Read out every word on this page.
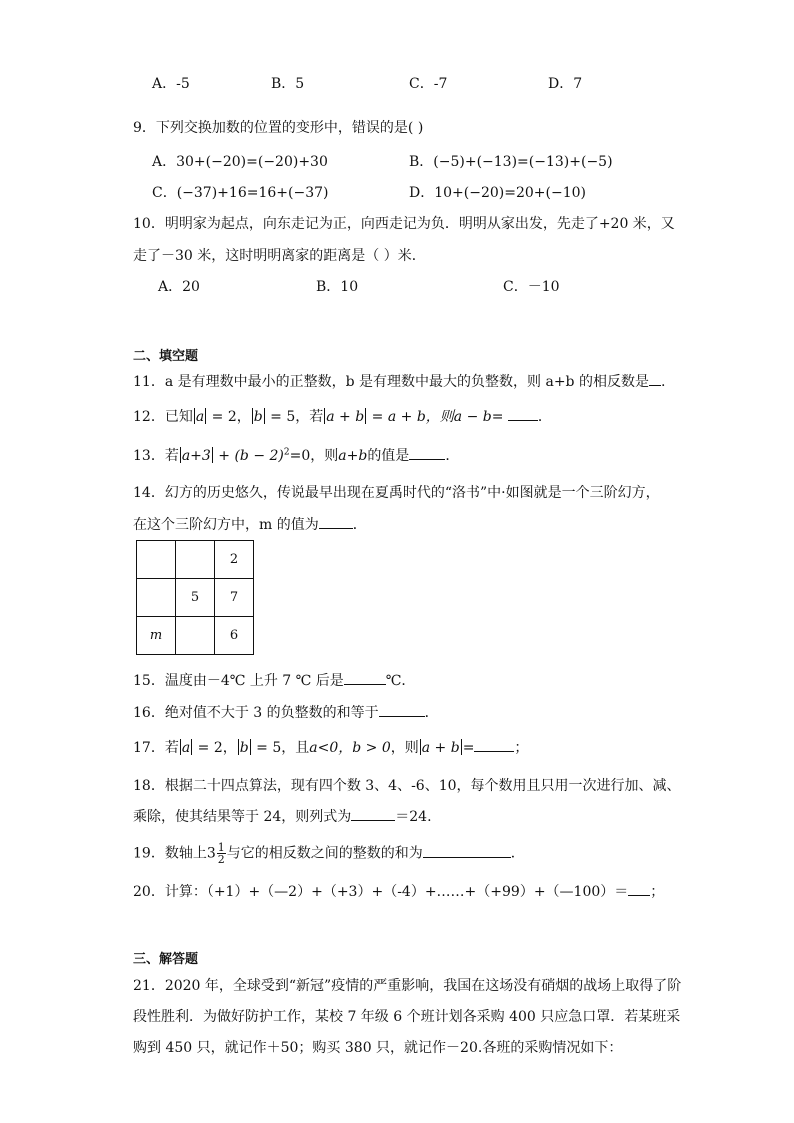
A．-5	B．5	C．-7	D．7
9．下列交换加数的位置的变形中，错误的是( )
A．30+(−20)=(−20)+30	B．(−5)+(−13)=(−13)+(−5)
C．(−37)+16=16+(−37)	D．10+(−20)=20+(−10)
10．明明家为起点，向东走记为正，向西走记为负．明明从家出发，先走了+20 米，又
走了－30 米，这时明明离家的距离是（ ）米．
A．20	B．10	C．－10
二、填空题
11．a 是有理数中最小的正整数，b 是有理数中最大的负整数，则 a+b 的相反数是 .
12．已知 a = 2， b = 5，若 a + b = a + b，则a − b= ．
13．若 $a+3 + (b - 2)^2=0$，则a+b的值是	．
14．幻方的历史悠久，传说最早出现在夏禹时代的“洛书”中·如图就是一个三阶幻方，
在这个三阶幻方中，m 的值为 ．
		2
	5	7
m		6
15．温度由－4℃ 上升 7 ℃ 后是	℃．
16．绝对值不大于 3 的负整数的和等于	．
17．若 a = 2， b = 5，且a<0，b > 0，则 a + b =	；
18．根据二十四点算法，现有四个数 3、4、-6、10，每个数用且只用一次进行加、减、
乘除，使其结果等于 24，则列式为	＝24.
19．数轴上$3 \frac{1}{2}$ 与它的相反数之间的整数的和为	．
20．计算：（+1）+（—2）+（+3）+（-4）+……+（+99）+（—100）＝ ；
三、解答题
21．2020 年，全球受到“新冠”疫情的严重影响，我国在这场没有硝烟的战场上取得了阶
段性胜利．为做好防护工作，某校 7 年级 6 个班计划各采购 400 只应急口罩．若某班采
购到 450 只，就记作＋50；购买 380 只，就记作－20.各班的采购情况如下：
